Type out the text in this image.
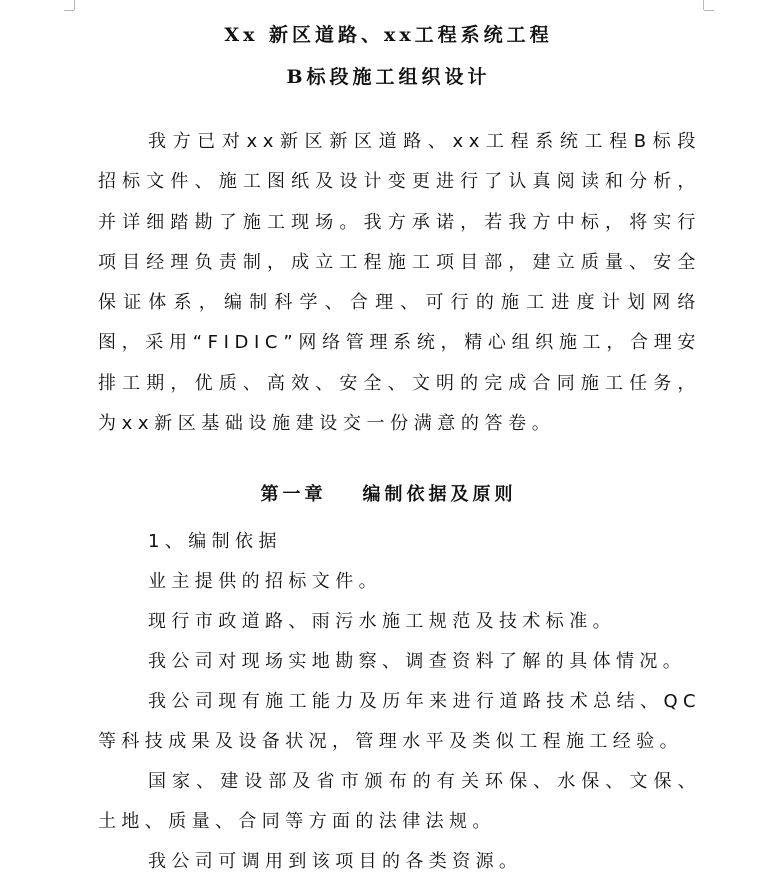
Xx 新区道路、xx工程系统工程
B标段施工组织设计

我方已对xx新区新区道路、xx工程系统工程B标段招标文件、施工图纸及设计变更进行了认真阅读和分析，并详细踏勘了施工现场。我方承诺，若我方中标，将实行项目经理负责制，成立工程施工项目部，建立质量、安全保证体系，编制科学、合理、可行的施工进度计划网络图，采用“FIDIC”网络管理系统，精心组织施工，合理安排工期，优质、高效、安全、文明的完成合同施工任务，为xx新区基础设施建设交一份满意的答卷。

第一章 编制依据及原则

1、编制依据

业主提供的招标文件。

现行市政道路、雨污水施工规范及技术标准。

我公司对现场实地勘察、调查资料了解的具体情况。

我公司现有施工能力及历年来进行道路技术总结、QC等科技成果及设备状况，管理水平及类似工程施工经验。

国家、建设部及省市颁布的有关环保、水保、文保、土地、质量、合同等方面的法律法规。

我公司可调用到该项目的各类资源。
